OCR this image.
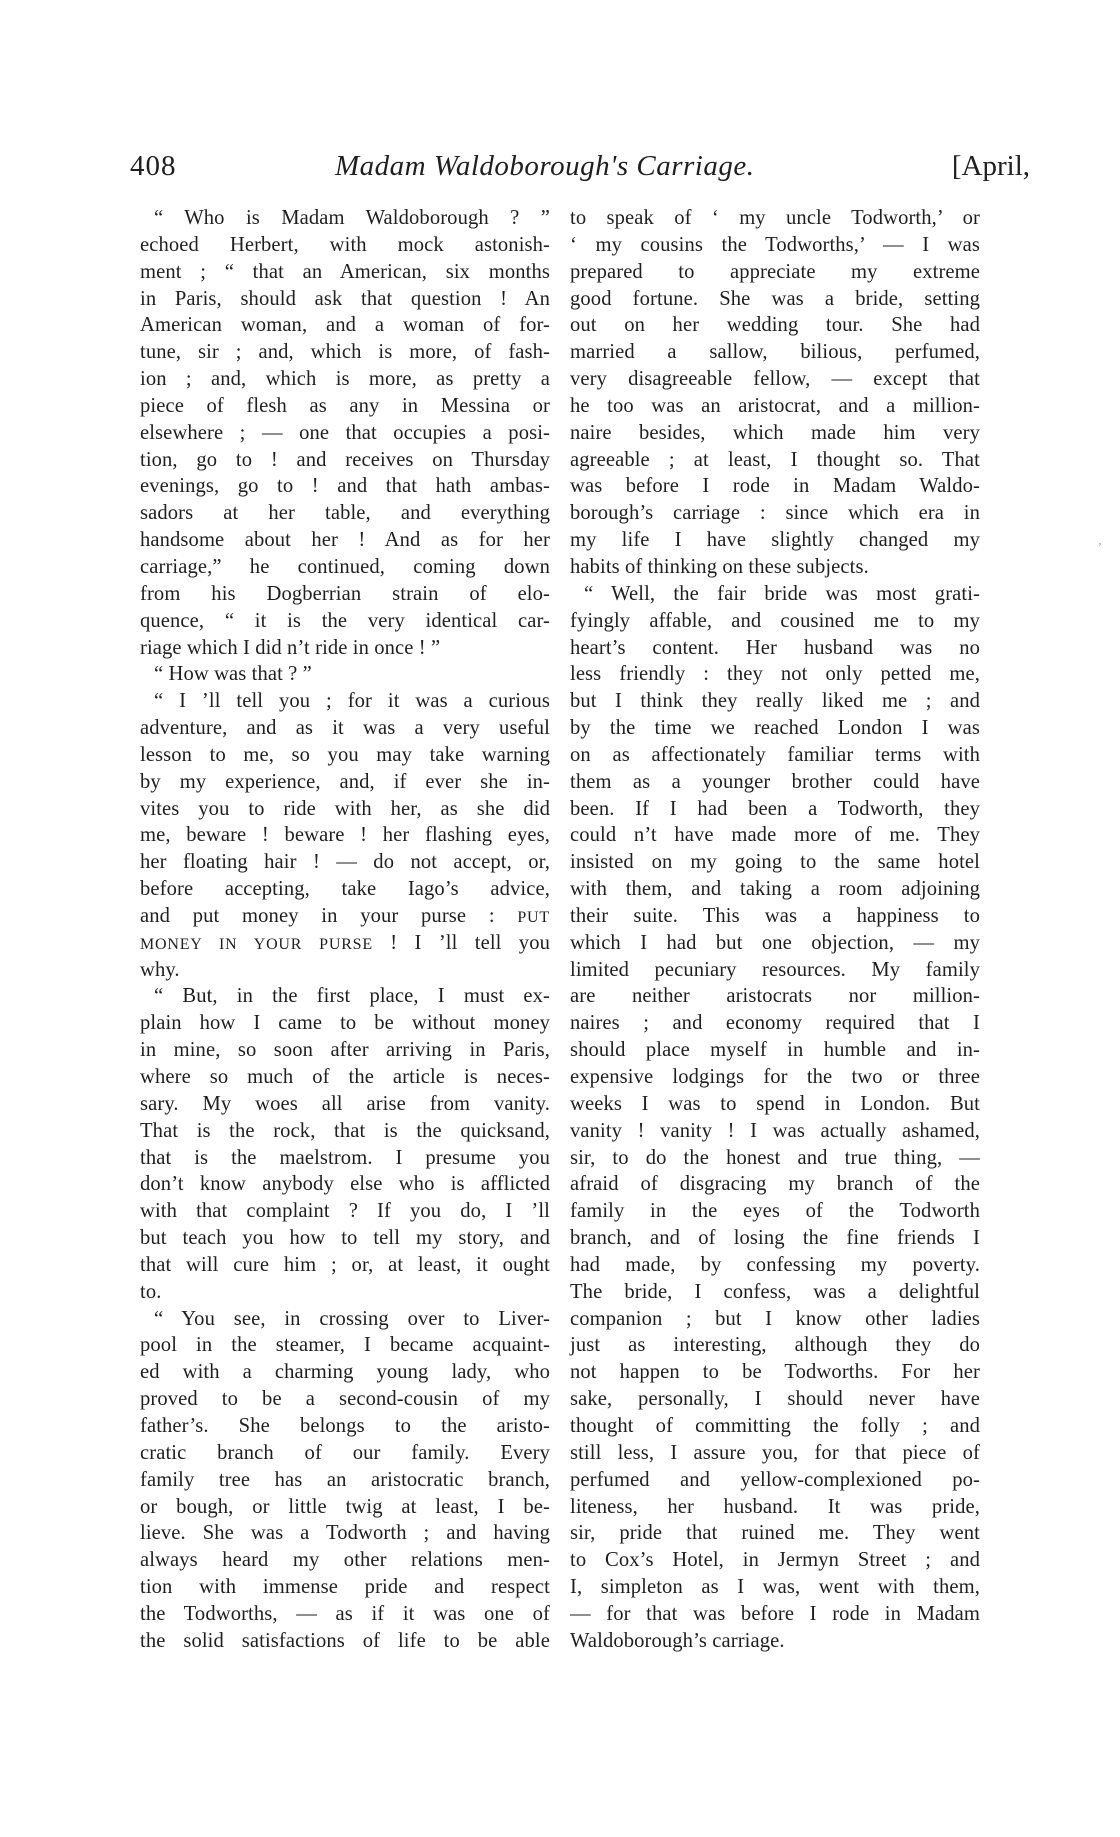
408	Madam Waldoborough's Carriage.	[April,
“ Who is Madam Waldoborough ? ”
echoed Herbert, with mock astonish-
ment ; “ that an American, six months
in Paris, should ask that question ! An
American woman, and a woman of for-
tune, sir ; and, which is more, of fash-
ion ; and, which is more, as pretty a
piece of flesh as any in Messina or
elsewhere ; — one that occupies a posi-
tion, go to ! and receives on Thursday
evenings, go to ! and that hath ambas-
sadors at her table, and everything
handsome about her ! And as for her
carriage,” he continued, coming down
from his Dogberrian strain of elo-
quence, “ it is the very identical car-
riage which I did n’t ride in once ! ”
“ How was that ? ”
“ I ’ll tell you ; for it was a curious
adventure, and as it was a very useful
lesson to me, so you may take warning
by my experience, and, if ever she in-
vites you to ride with her, as she did
me, beware ! beware ! her flashing eyes,
her floating hair ! — do not accept, or,
before accepting, take Iago’s advice,
and put money in your purse : PUT
MONEY IN YOUR PURSE ! I ’ll tell you
why.
“ But, in the first place, I must ex-
plain how I came to be without money
in mine, so soon after arriving in Paris,
where so much of the article is neces-
sary. My woes all arise from vanity.
That is the rock, that is the quicksand,
that is the maelstrom. I presume you
don’t know anybody else who is afflicted
with that complaint ? If you do, I ’ll
but teach you how to tell my story, and
that will cure him ; or, at least, it ought
to.
“ You see, in crossing over to Liver-
pool in the steamer, I became acquaint-
ed with a charming young lady, who
proved to be a second-cousin of my
father’s. She belongs to the aristo-
cratic branch of our family. Every
family tree has an aristocratic branch,
or bough, or little twig at least, I be-
lieve. She was a Todworth ; and having
always heard my other relations men-
tion with immense pride and respect
the Todworths, — as if it was one of
the solid satisfactions of life to be able
to speak of ‘ my uncle Todworth,’ or
‘ my cousins the Todworths,’ — I was
prepared to appreciate my extreme
good fortune. She was a bride, setting
out on her wedding tour. She had
married a sallow, bilious, perfumed,
very disagreeable fellow, — except that
he too was an aristocrat, and a million-
naire besides, which made him very
agreeable ; at least, I thought so. That
was before I rode in Madam Waldo-
borough’s carriage : since which era in
my life I have slightly changed my
habits of thinking on these subjects.
“ Well, the fair bride was most grati-
fyingly affable, and cousined me to my
heart’s content. Her husband was no
less friendly : they not only petted me,
but I think they really liked me ; and
by the time we reached London I was
on as affectionately familiar terms with
them as a younger brother could have
been. If I had been a Todworth, they
could n’t have made more of me. They
insisted on my going to the same hotel
with them, and taking a room adjoining
their suite. This was a happiness to
which I had but one objection, — my
limited pecuniary resources. My family
are neither aristocrats nor million-
naires ; and economy required that I
should place myself in humble and in-
expensive lodgings for the two or three
weeks I was to spend in London. But
vanity ! vanity ! I was actually ashamed,
sir, to do the honest and true thing, —
afraid of disgracing my branch of the
family in the eyes of the Todworth
branch, and of losing the fine friends I
had made, by confessing my poverty.
The bride, I confess, was a delightful
companion ; but I know other ladies
just as interesting, although they do
not happen to be Todworths. For her
sake, personally, I should never have
thought of committing the folly ; and
still less, I assure you, for that piece of
perfumed and yellow-complexioned po-
liteness, her husband. It was pride,
sir, pride that ruined me. They went
to Cox’s Hotel, in Jermyn Street ; and
I, simpleton as I was, went with them,
— for that was before I rode in Madam
Waldoborough’s carriage.
ʼ
